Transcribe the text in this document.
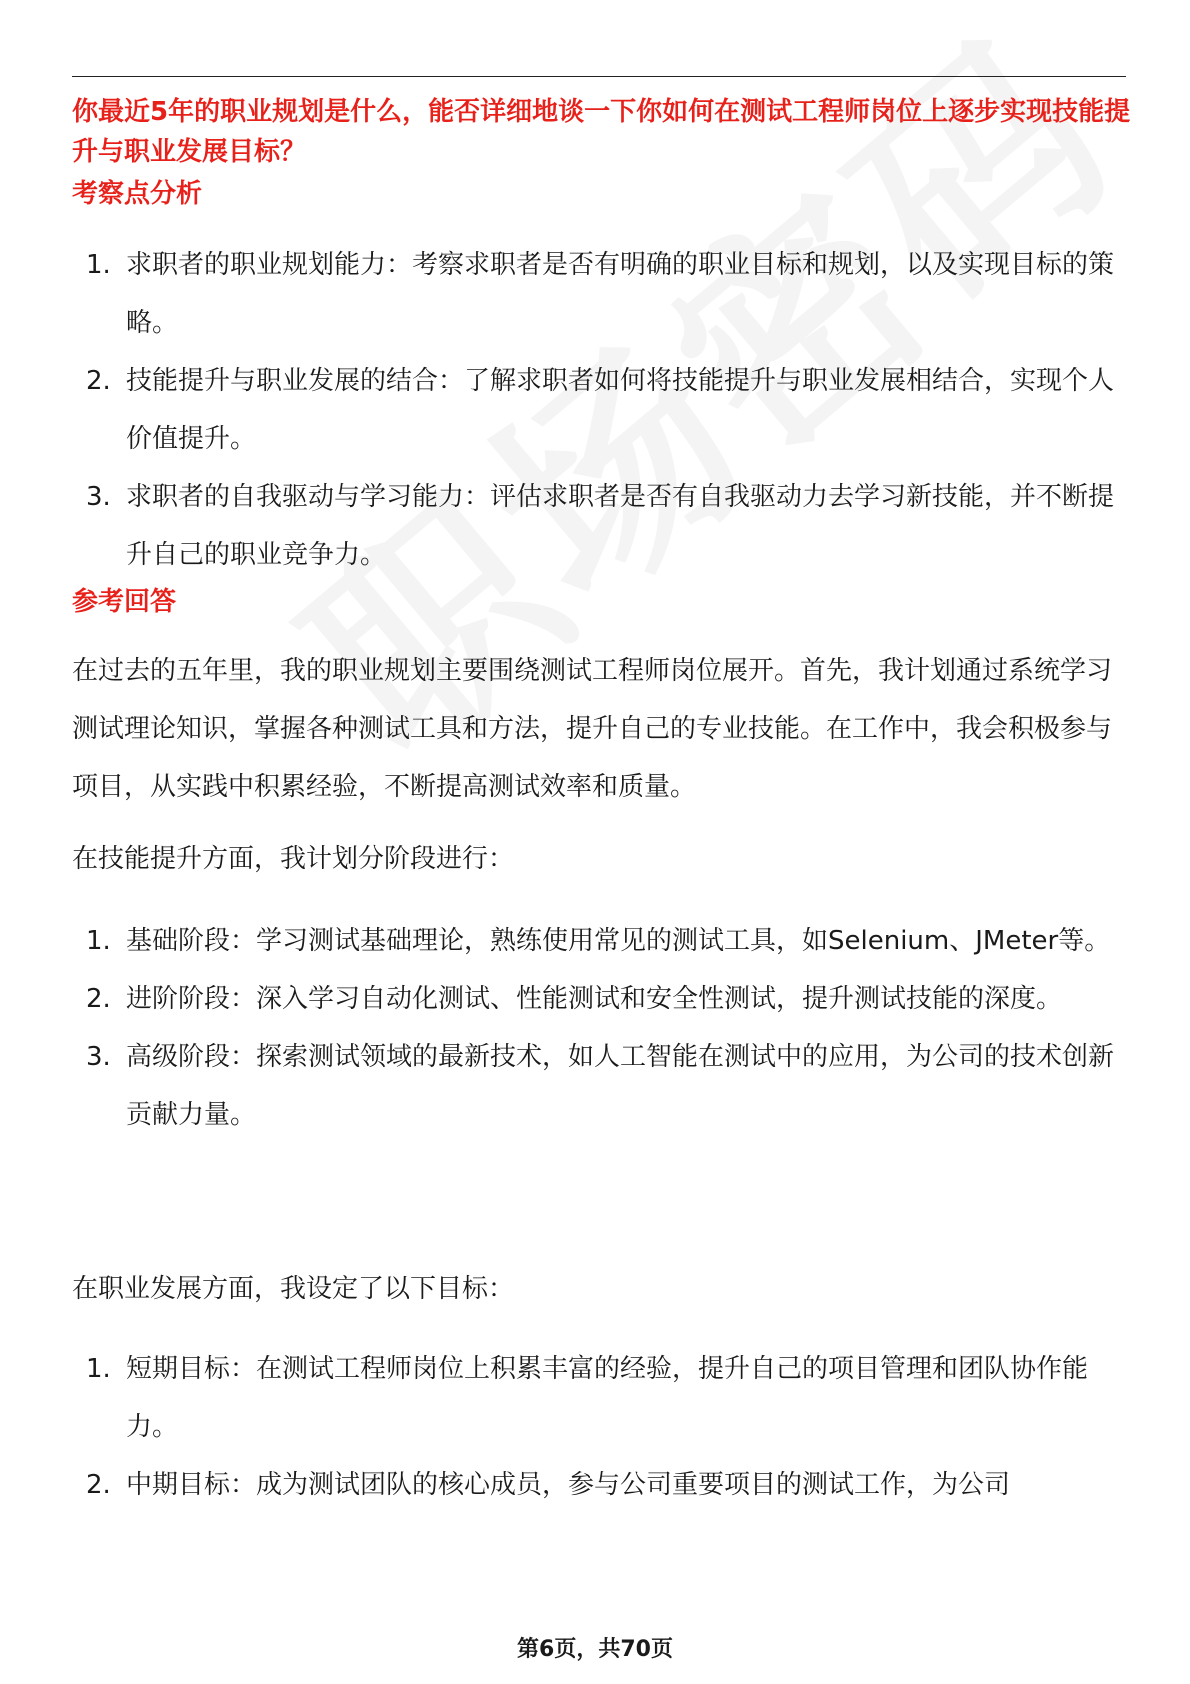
你最近5年的职业规划是什么，能否详细地谈一下你如何在测试工程师岗位上逐步实现技能提升与职业发展目标？
考察点分析
1. 求职者的职业规划能力：考察求职者是否有明确的职业目标和规划，以及实现目标的策略。
2. 技能提升与职业发展的结合：了解求职者如何将技能提升与职业发展相结合，实现个人价值提升。
3. 求职者的自我驱动与学习能力：评估求职者是否有自我驱动力去学习新技能，并不断提升自己的职业竞争力。
参考回答

在过去的五年里，我的职业规划主要围绕测试工程师岗位展开。首先，我计划通过系统学习测试理论知识，掌握各种测试工具和方法，提升自己的专业技能。在工作中，我会积极参与项目，从实践中积累经验，不断提高测试效率和质量。

在技能提升方面，我计划分阶段进行：

1. 基础阶段：学习测试基础理论，熟练使用常见的测试工具，如Selenium、JMeter等。
2. 进阶阶段：深入学习自动化测试、性能测试和安全性测试，提升测试技能的深度。
3. 高级阶段：探索测试领域的最新技术，如人工智能在测试中的应用，为公司的技术创新贡献力量。

在职业发展方面，我设定了以下目标：

1. 短期目标：在测试工程师岗位上积累丰富的经验，提升自己的项目管理和团队协作能力。
2. 中期目标：成为测试团队的核心成员，参与公司重要项目的测试工作，为公司
第6页，共70页
